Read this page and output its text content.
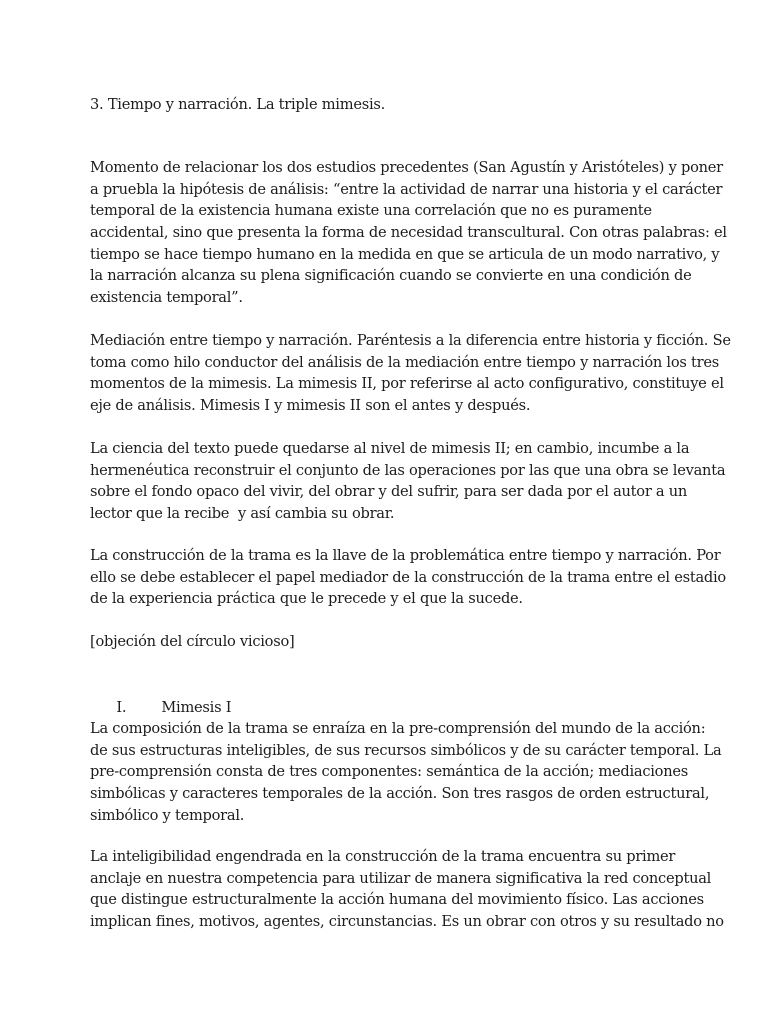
3. Tiempo y narración. La triple mimesis.
Momento de relacionar los dos estudios precedentes (San Agustín y Aristóteles) y poner
a prueblа la hipótesis de análisis: “entre la actividad de narrar una historia y el carácter
temporal de la existencia humana existe una correlación que no es puramente
accidental, sino que presenta la forma de necesidad transcultural. Con otras palabras: el
tiempo se hace tiempo humano en la medida en que se articula de un modo narrativo, y
la narración alcanza su plena significación cuando se convierte en una condición de
existencia temporal”.
Mediación entre tiempo y narración. Paréntesis a la diferencia entre historia y ficción. Se
toma como hilo conductor del análisis de la mediación entre tiempo y narración los tres
momentos de la mimesis. La mimesis II, por referirse al acto configurativo, constituye el
eje de análisis. Mimesis I y mimesis II son el antes y después.
La ciencia del texto puede quedarse al nivel de mimesis II; en cambio, incumbe a la
hermenéutica reconstruir el conjunto de las operaciones por las que una obra se levanta
sobre el fondo opaco del vivir, del obrar y del sufrir, para ser dada por el autor a un
lector que la recibe  y así cambia su obrar.
La construcción de la trama es la llave de la problemática entre tiempo y narración. Por
ello se debe establecer el papel mediador de la construcción de la trama entre el estadio
de la experiencia práctica que le precede y el que la sucede.
[objeción del círculo vicioso]

I. Mimesis I

La composición de la trama se enraíza en la pre-comprensión del mundo de la acción:
de sus estructuras inteligibles, de sus recursos simbólicos y de su carácter temporal. La
pre-comprensión consta de tres componentes: semántica de la acción; mediaciones
simbólicas y caracteres temporales de la acción. Son tres rasgos de orden estructural,
simbólico y temporal.
La inteligibilidad engendrada en la construcción de la trama encuentra su primer
anclaje en nuestra competencia para utilizar de manera significativa la red conceptual
que distingue estructuralmente la acción humana del movimiento físico. Las acciones
implican fines, motivos, agentes, circunstancias. Es un obrar con otros y su resultado no
